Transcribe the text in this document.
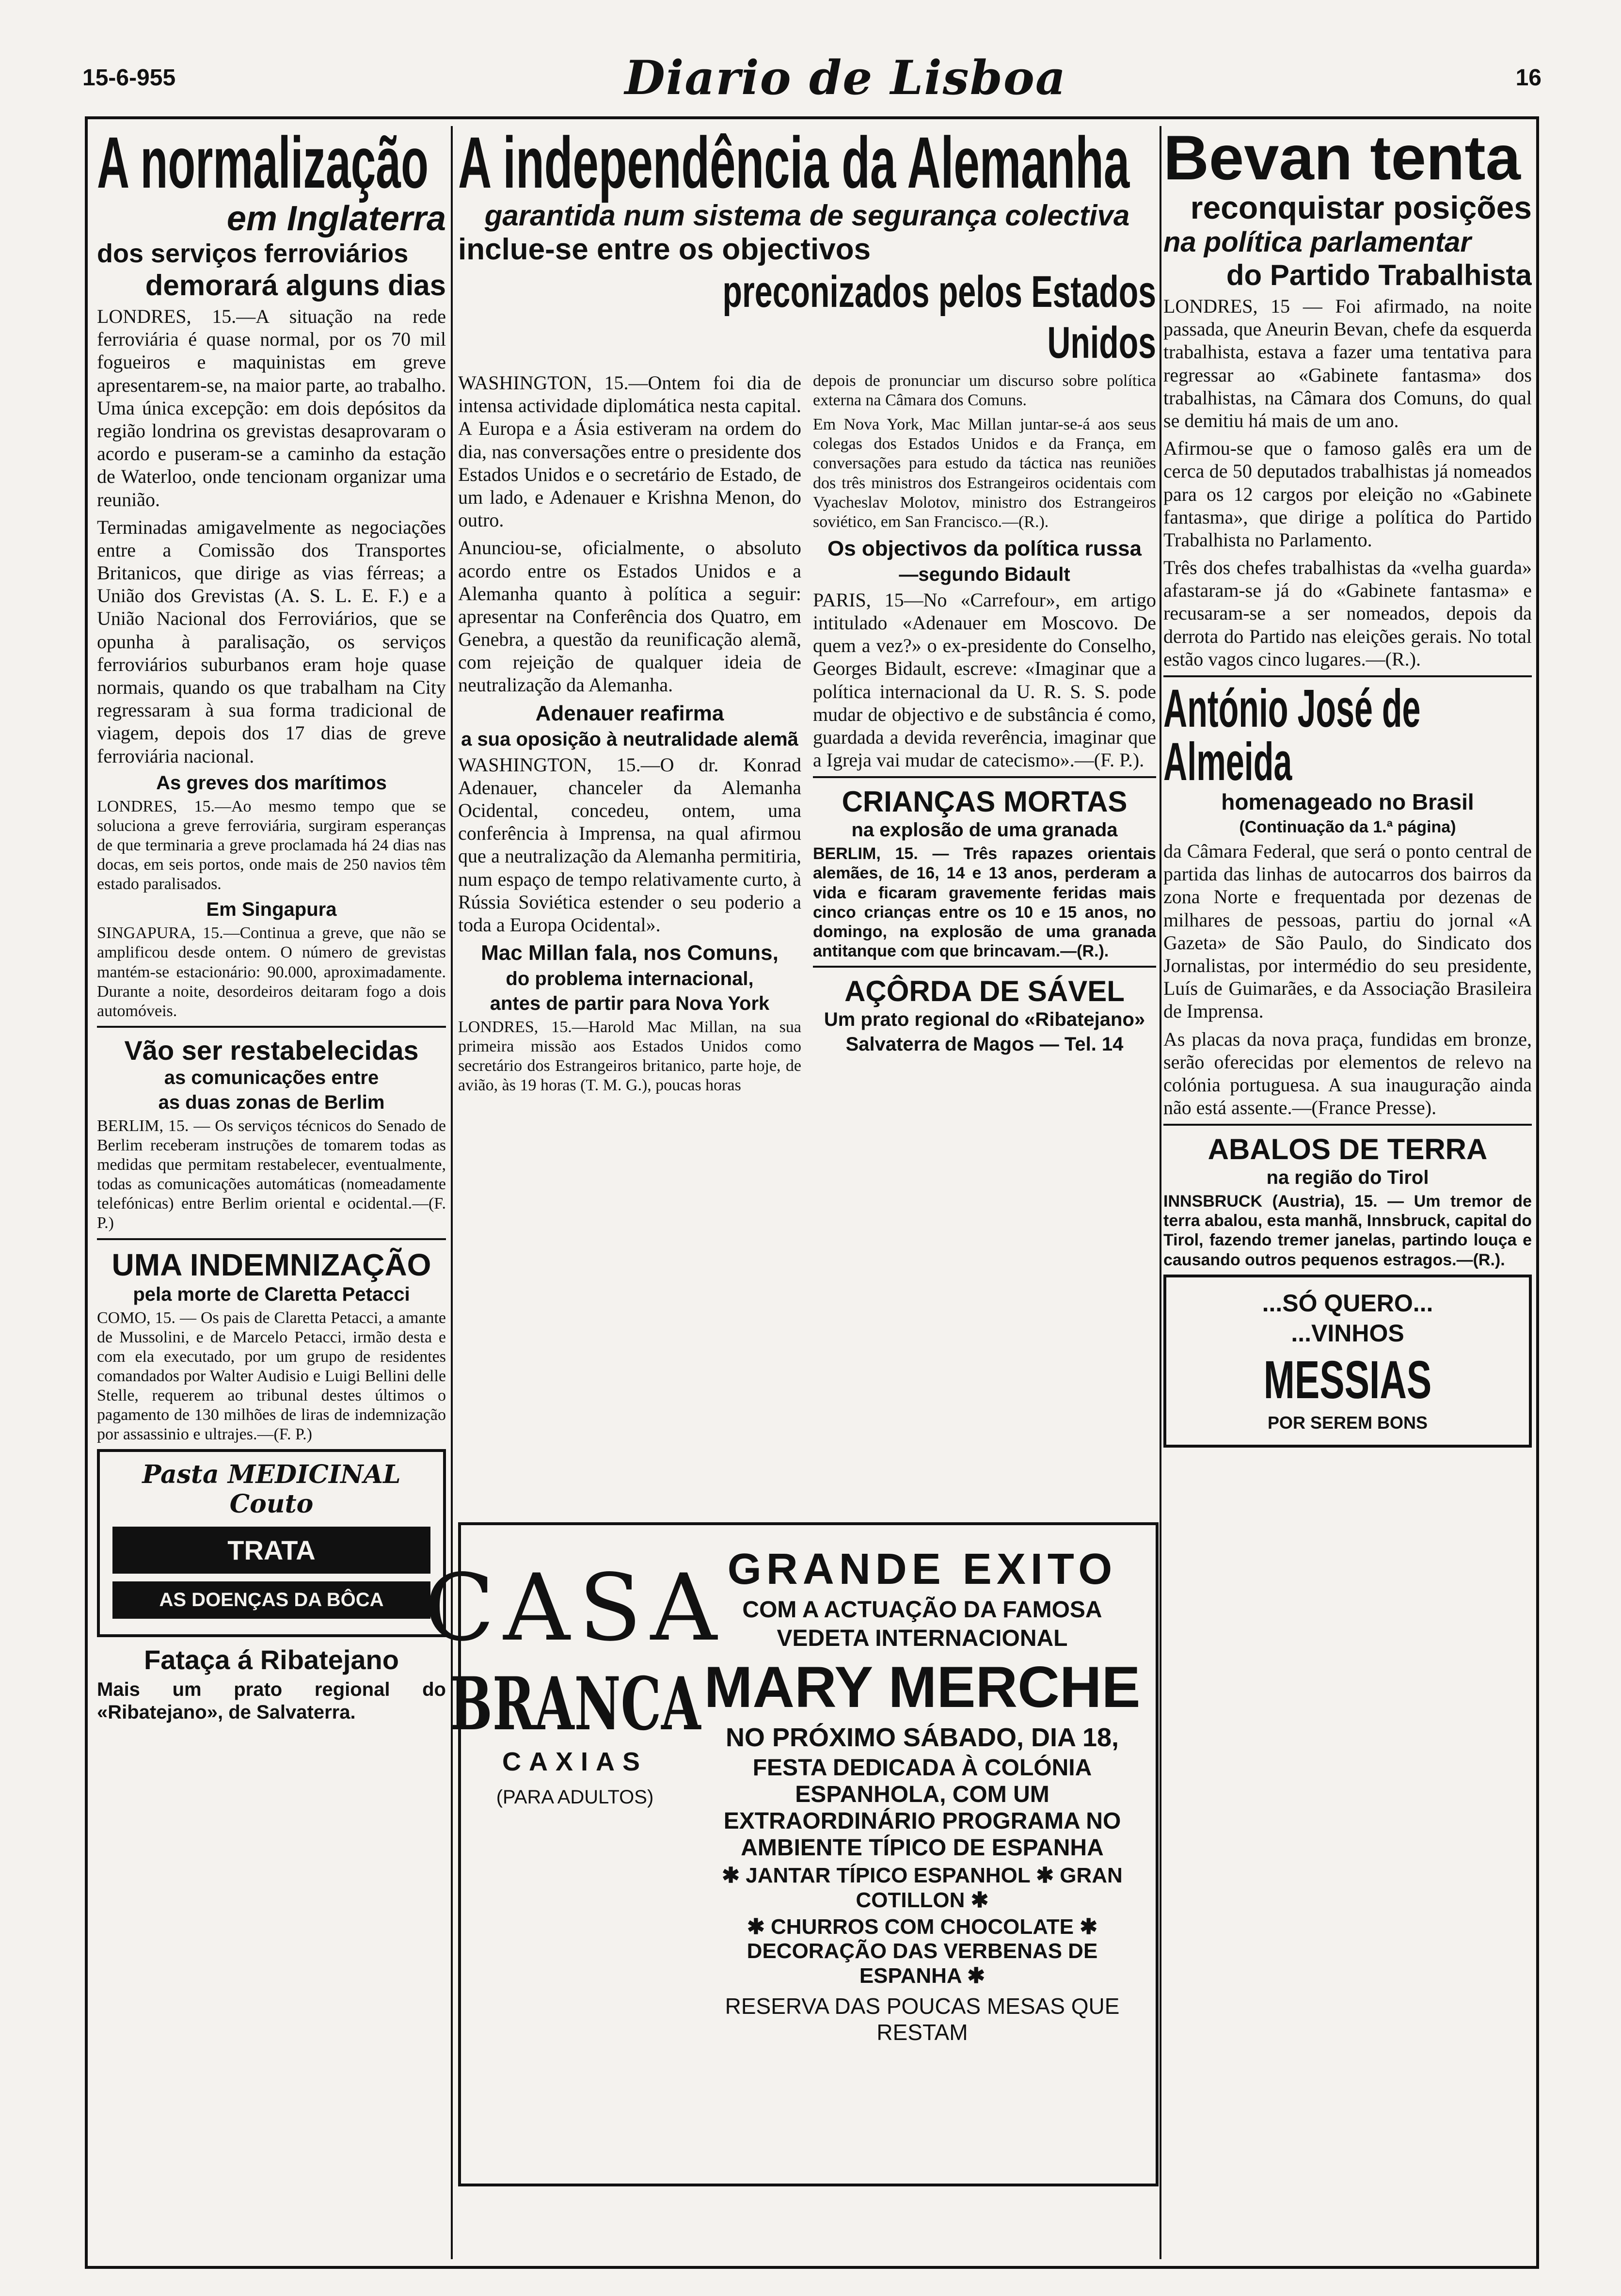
15-6-955	Diario de Lisboa	16
A normalização
em Inglaterra
dos serviços ferroviários
demorará alguns dias

LONDRES, 15.—A situação na rede ferroviária é quase normal, por os 70 mil fogueiros e maquinistas em greve apresentarem-se, na maior parte, ao trabalho. Uma única excepção: em dois depósitos da região londrina os grevistas desaprovaram o acordo e puseram-se a caminho da estação de Waterloo, onde tencionam organizar uma reunião.

Terminadas amigavelmente as negociações entre a Comissão dos Transportes Britanicos, que dirige as vias férreas; a União dos Grevistas (A. S. L. E. F.) e a União Nacional dos Ferroviários, que se opunha à paralisação, os serviços ferroviários suburbanos eram hoje quase normais, quando os que trabalham na City regressaram à sua forma tradicional de viagem, depois dos 17 dias de greve ferroviária nacional.

As greves dos marítimos

LONDRES, 15.—Ao mesmo tempo que se soluciona a greve ferroviária, surgiram esperanças de que terminaria a greve proclamada há 24 dias nas docas, em seis portos, onde mais de 250 navios têm estado paralisados.

Em Singapura

SINGAPURA, 15.—Continua a greve, que não se amplificou desde ontem. O número de grevistas mantém-se estacionário: 90.000, aproximadamente. Durante a noite, desordeiros deitaram fogo a dois automóveis.

Vão ser restabelecidas
as comunicações entre
as duas zonas de Berlim

BERLIM, 15. — Os serviços técnicos do Senado de Berlim receberam instruções de tomarem todas as medidas que permitam restabelecer, eventualmente, todas as comunicações automáticas (nomeadamente telefónicas) entre Berlim oriental e ocidental.—(F. P.)

UMA INDEMNIZAÇÃO
pela morte de Claretta Petacci

COMO, 15. — Os pais de Claretta Petacci, a amante de Mussolini, e de Marcelo Petacci, irmão desta e com ela executado, por um grupo de residentes comandados por Walter Audisio e Luigi Bellini delle Stelle, requerem ao tribunal destes últimos o pagamento de 130 milhões de liras de indemnização por assassinio e ultrajes.—(F. P.)

Pasta MEDICINAL Couto
TRATA
AS DOENÇAS DA BÔCA
Fataça á Ribatejano

Mais um prato regional do «Ribatejano», de Salvaterra.

A independência da Alemanha
garantida num sistema de segurança colectiva
inclue-se entre os objectivos
preconizados pelos Estados Unidos

WASHINGTON, 15.—Ontem foi dia de intensa actividade diplomática nesta capital. A Europa e a Ásia estiveram na ordem do dia, nas conversações entre o presidente dos Estados Unidos e o secretário de Estado, de um lado, e Adenauer e Krishna Menon, do outro.

Anunciou-se, oficialmente, o absoluto acordo entre os Estados Unidos e a Alemanha quanto à política a seguir: apresentar na Conferência dos Quatro, em Genebra, a questão da reunificação alemã, com rejeição de qualquer ideia de neutralização da Alemanha.

Adenauer reafirma
a sua oposição à neutralidade alemã

WASHINGTON, 15.—O dr. Konrad Adenauer, chanceler da Alemanha Ocidental, concedeu, ontem, uma conferência à Imprensa, na qual afirmou que a neutralização da Alemanha permitiria, num espaço de tempo relativamente curto, à Rússia Soviética estender o seu poderio a toda a Europa Ocidental».

Mac Millan fala, nos Comuns,
do problema internacional,
antes de partir para Nova York

LONDRES, 15.—Harold Mac Millan, na sua primeira missão aos Estados Unidos como secretário dos Estrangeiros britanico, parte hoje, de avião, às 19 horas (T. M. G.), poucas horas

depois de pronunciar um discurso sobre política externa na Câmara dos Comuns.

Em Nova York, Mac Millan juntar-se-á aos seus colegas dos Estados Unidos e da França, em conversações para estudo da táctica nas reuniões dos três ministros dos Estrangeiros ocidentais com Vyacheslav Molotov, ministro dos Estrangeiros soviético, em San Francisco.—(R.).

Os objectivos da política russa
—segundo Bidault

PARIS, 15—No «Carrefour», em artigo intitulado «Adenauer em Moscovo. De quem a vez?» o ex-presidente do Conselho, Georges Bidault, escreve: «Imaginar que a política internacional da U. R. S. S. pode mudar de objectivo e de substância é como, guardada a devida reverência, imaginar que a Igreja vai mudar de catecismo».—(F. P.).

CRIANÇAS MORTAS
na explosão de uma granada

BERLIM, 15. — Três rapazes orientais alemães, de 16, 14 e 13 anos, perderam a vida e ficaram gravemente feridas mais cinco crianças entre os 10 e 15 anos, no domingo, na explosão de uma granada antitanque com que brincavam.—(R.).

AÇÔRDA DE SÁVEL
Um prato regional do «Ribatejano»
Salvaterra de Magos — Tel. 14
CASA
BRANCA
CAXIAS
(PARA ADULTOS)
GRANDE EXITO
COM A ACTUAÇÃO DA FAMOSA
VEDETA INTERNACIONAL
MARY MERCHE
NO PRÓXIMO SÁBADO, DIA 18,
FESTA DEDICADA À COLÓNIA ESPANHOLA, COM UM EXTRAORDINÁRIO PROGRAMA NO AMBIENTE TÍPICO DE ESPANHA
✱ JANTAR TÍPICO ESPANHOL ✱ GRAN COTILLON ✱
✱ CHURROS COM CHOCOLATE ✱ DECORAÇÃO DAS VERBENAS DE ESPANHA ✱
RESERVA DAS POUCAS MESAS QUE RESTAM
Bevan tenta
reconquistar posições
na política parlamentar
do Partido Trabalhista

LONDRES, 15 — Foi afirmado, na noite passada, que Aneurin Bevan, chefe da esquerda trabalhista, estava a fazer uma tentativa para regressar ao «Gabinete fantasma» dos trabalhistas, na Câmara dos Comuns, do qual se demitiu há mais de um ano.

Afirmou-se que o famoso galês era um de cerca de 50 deputados trabalhistas já nomeados para os 12 cargos por eleição no «Gabinete fantasma», que dirige a política do Partido Trabalhista no Parlamento.

Três dos chefes trabalhistas da «velha guarda» afastaram-se já do «Gabinete fantasma» e recusaram-se a ser nomeados, depois da derrota do Partido nas eleições gerais. No total estão vagos cinco lugares.—(R.).

António José de Almeida
homenageado no Brasil
(Continuação da 1.ª página)

da Câmara Federal, que será o ponto central de partida das linhas de autocarros dos bairros da zona Norte e frequentada por dezenas de milhares de pessoas, partiu do jornal «A Gazeta» de São Paulo, do Sindicato dos Jornalistas, por intermédio do seu presidente, Luís de Guimarães, e da Associação Brasileira de Imprensa.

As placas da nova praça, fundidas em bronze, serão oferecidas por elementos de relevo na colónia portuguesa. A sua inauguração ainda não está assente.—(France Presse).

ABALOS DE TERRA
na região do Tirol

INNSBRUCK (Austria), 15. — Um tremor de terra abalou, esta manhã, Innsbruck, capital do Tirol, fazendo tremer janelas, partindo louça e causando outros pequenos estragos.—(R.).

...SÓ QUERO...
...VINHOS
MESSIAS
POR SEREM BONS
